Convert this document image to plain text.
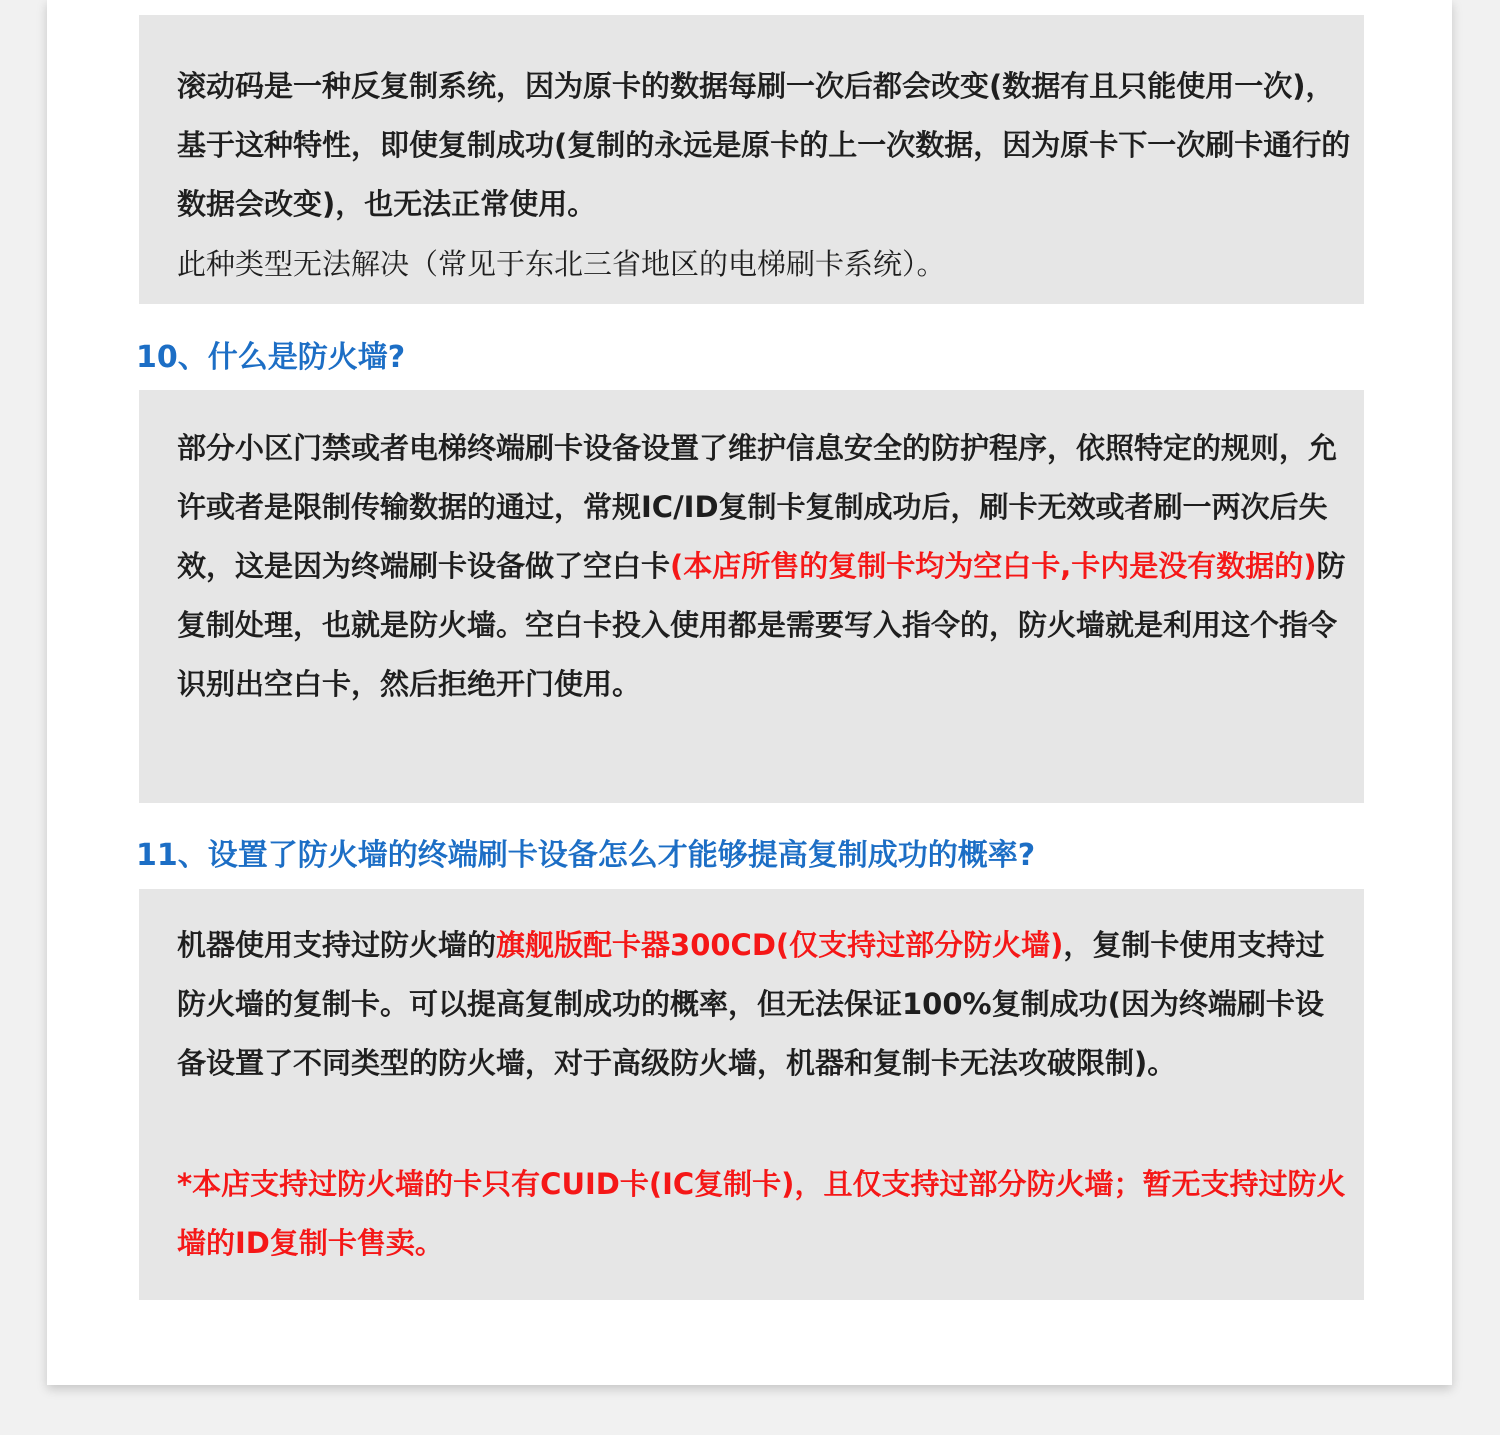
滚动码是一种反复制系统，因为原卡的数据每刷一次后都会改变(数据有且只能使用一次)，基于这种特性，即使复制成功(复制的永远是原卡的上一次数据，因为原卡下一次刷卡通行的数据会改变)，也无法正常使用。

此种类型无法解决（常见于东北三省地区的电梯刷卡系统）。

10、什么是防火墙?

部分小区门禁或者电梯终端刷卡设备设置了维护信息安全的防护程序，依照特定的规则，允许或者是限制传输数据的通过，常规IC/ID复制卡复制成功后，刷卡无效或者刷一两次后失效，这是因为终端刷卡设备做了空白卡(本店所售的复制卡均为空白卡,卡内是没有数据的)防复制处理，也就是防火墙。空白卡投入使用都是需要写入指令的，防火墙就是利用这个指令识别出空白卡，然后拒绝开门使用。

11、设置了防火墙的终端刷卡设备怎么才能够提高复制成功的概率?

机器使用支持过防火墙的旗舰版配卡器300CD(仅支持过部分防火墙)，复制卡使用支持过防火墙的复制卡。可以提高复制成功的概率，但无法保证100%复制成功(因为终端刷卡设备设置了不同类型的防火墙，对于高级防火墙，机器和复制卡无法攻破限制)。

*本店支持过防火墙的卡只有CUID卡(IC复制卡)，且仅支持过部分防火墙；暂无支持过防火墙的ID复制卡售卖。
